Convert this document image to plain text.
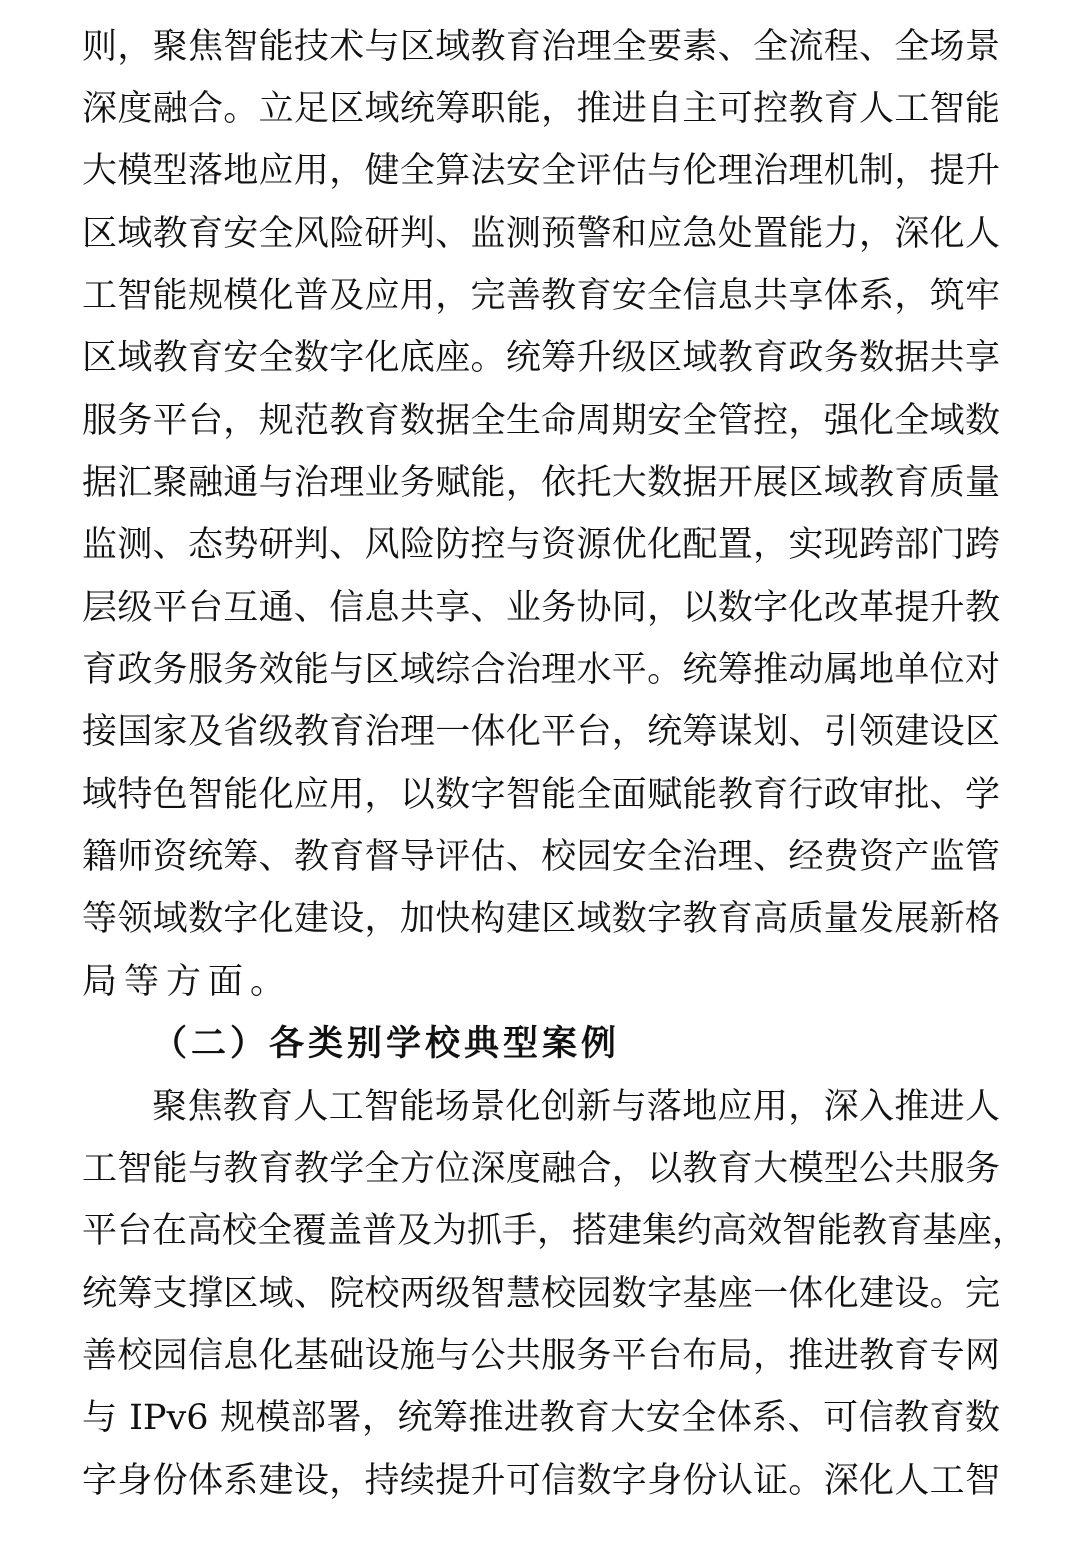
则，聚焦智能技术与区域教育治理全要素、全流程、全场景
深度融合。立足区域统筹职能，推进自主可控教育人工智能
大模型落地应用，健全算法安全评估与伦理治理机制，提升
区域教育安全风险研判、监测预警和应急处置能力，深化人
工智能规模化普及应用，完善教育安全信息共享体系，筑牢
区域教育安全数字化底座。统筹升级区域教育政务数据共享
服务平台，规范教育数据全生命周期安全管控，强化全域数
据汇聚融通与治理业务赋能，依托大数据开展区域教育质量
监测、态势研判、风险防控与资源优化配置，实现跨部门跨
层级平台互通、信息共享、业务协同，以数字化改革提升教
育政务服务效能与区域综合治理水平。统筹推动属地单位对
接国家及省级教育治理一体化平台，统筹谋划、引领建设区
域特色智能化应用，以数字智能全面赋能教育行政审批、学
籍师资统筹、教育督导评估、校园安全治理、经费资产监管
等领域数字化建设，加快构建区域数字教育高质量发展新格
局等方面。
（二）各类别学校典型案例
聚焦教育人工智能场景化创新与落地应用，深入推进人
工智能与教育教学全方位深度融合，以教育大模型公共服务
平台在高校全覆盖普及为抓手，搭建集约高效智能教育基座，
统筹支撑区域、院校两级智慧校园数字基座一体化建设。完
善校园信息化基础设施与公共服务平台布局，推进教育专网
与 IPv6 规模部署，统筹推进教育大安全体系、可信教育数
字身份体系建设，持续提升可信数字身份认证。深化人工智
